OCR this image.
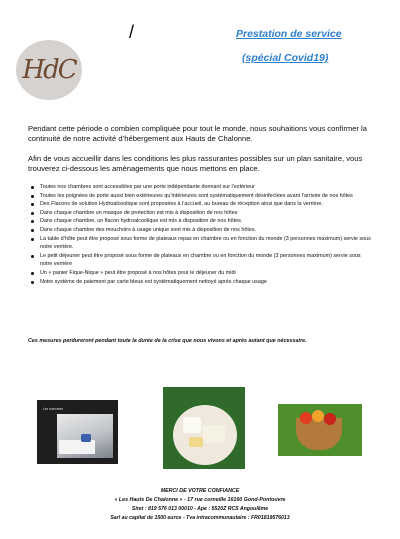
HdC
/	Prestation de service
(spécial Covid19)

Pendant cette période o combien compliquée pour tout le monde, nous souhaitions vous confirmer la continuité de notre activité d’hébergement aux Hauts de Chalonne.

Afin de vous accueillir dans les conditions les plus rassurantes possibles sur un plan sanitaire, vous trouverez ci-dessous les aménagements que nous mettons en place.

Toutes nos chambres sont accessibles par une porte indépendante donnant sur l’extérieur
Toutes les poignées de porte aussi bien extérieures qu’intérieures sont systématiquement désinfectées avant l’arrivée de nos hôtes
Des Flacons de solution Hydroalcoolique sont proposées à l’accueil, au bureau de réception ainsi que dans la verrière.
Dans chaque chambre un masque de protection est mis à disposition de nos hôtes
Dans chaque chambre, un flacon hydroalcoolique est mis à disposition de nos hôtes.
Dans chaque chambre des mouchoirs à usage unique sont mis à disposition de nos hôtes.
La table d’hôte peut être proposé sous forme de plateaux repas en chambre ou en fonction du monde (3 personnes maximum) servie sous notre verrière.
Le petit déjeuner peut être proposé sous forme de plateaux en chambre ou en fonction du monde (3 personnes maximum) servie sous notre verrière
Un « panier Fique-Nique » peut être proposé à nos hôtes pour le déjeuner du midi
Notre système de paiement par carte bleue est systématiquement nettoyé après chaque usage
Ces mesures perdureront pendant toute la durée de la crise que nous vivons et après autant que nécessaire.
Les chambres
MERCI DE VOTRE CONFIANCE
« Les Hauts De Chalonne » - 17 rue corneille 16160 Gond-Pontouvre
Siret : 819 576 013 00010 - Ape : 5520Z RCS Angoulême
Sarl au capital de 1500 euros - Tva intracommunautaire : FR01819576013
